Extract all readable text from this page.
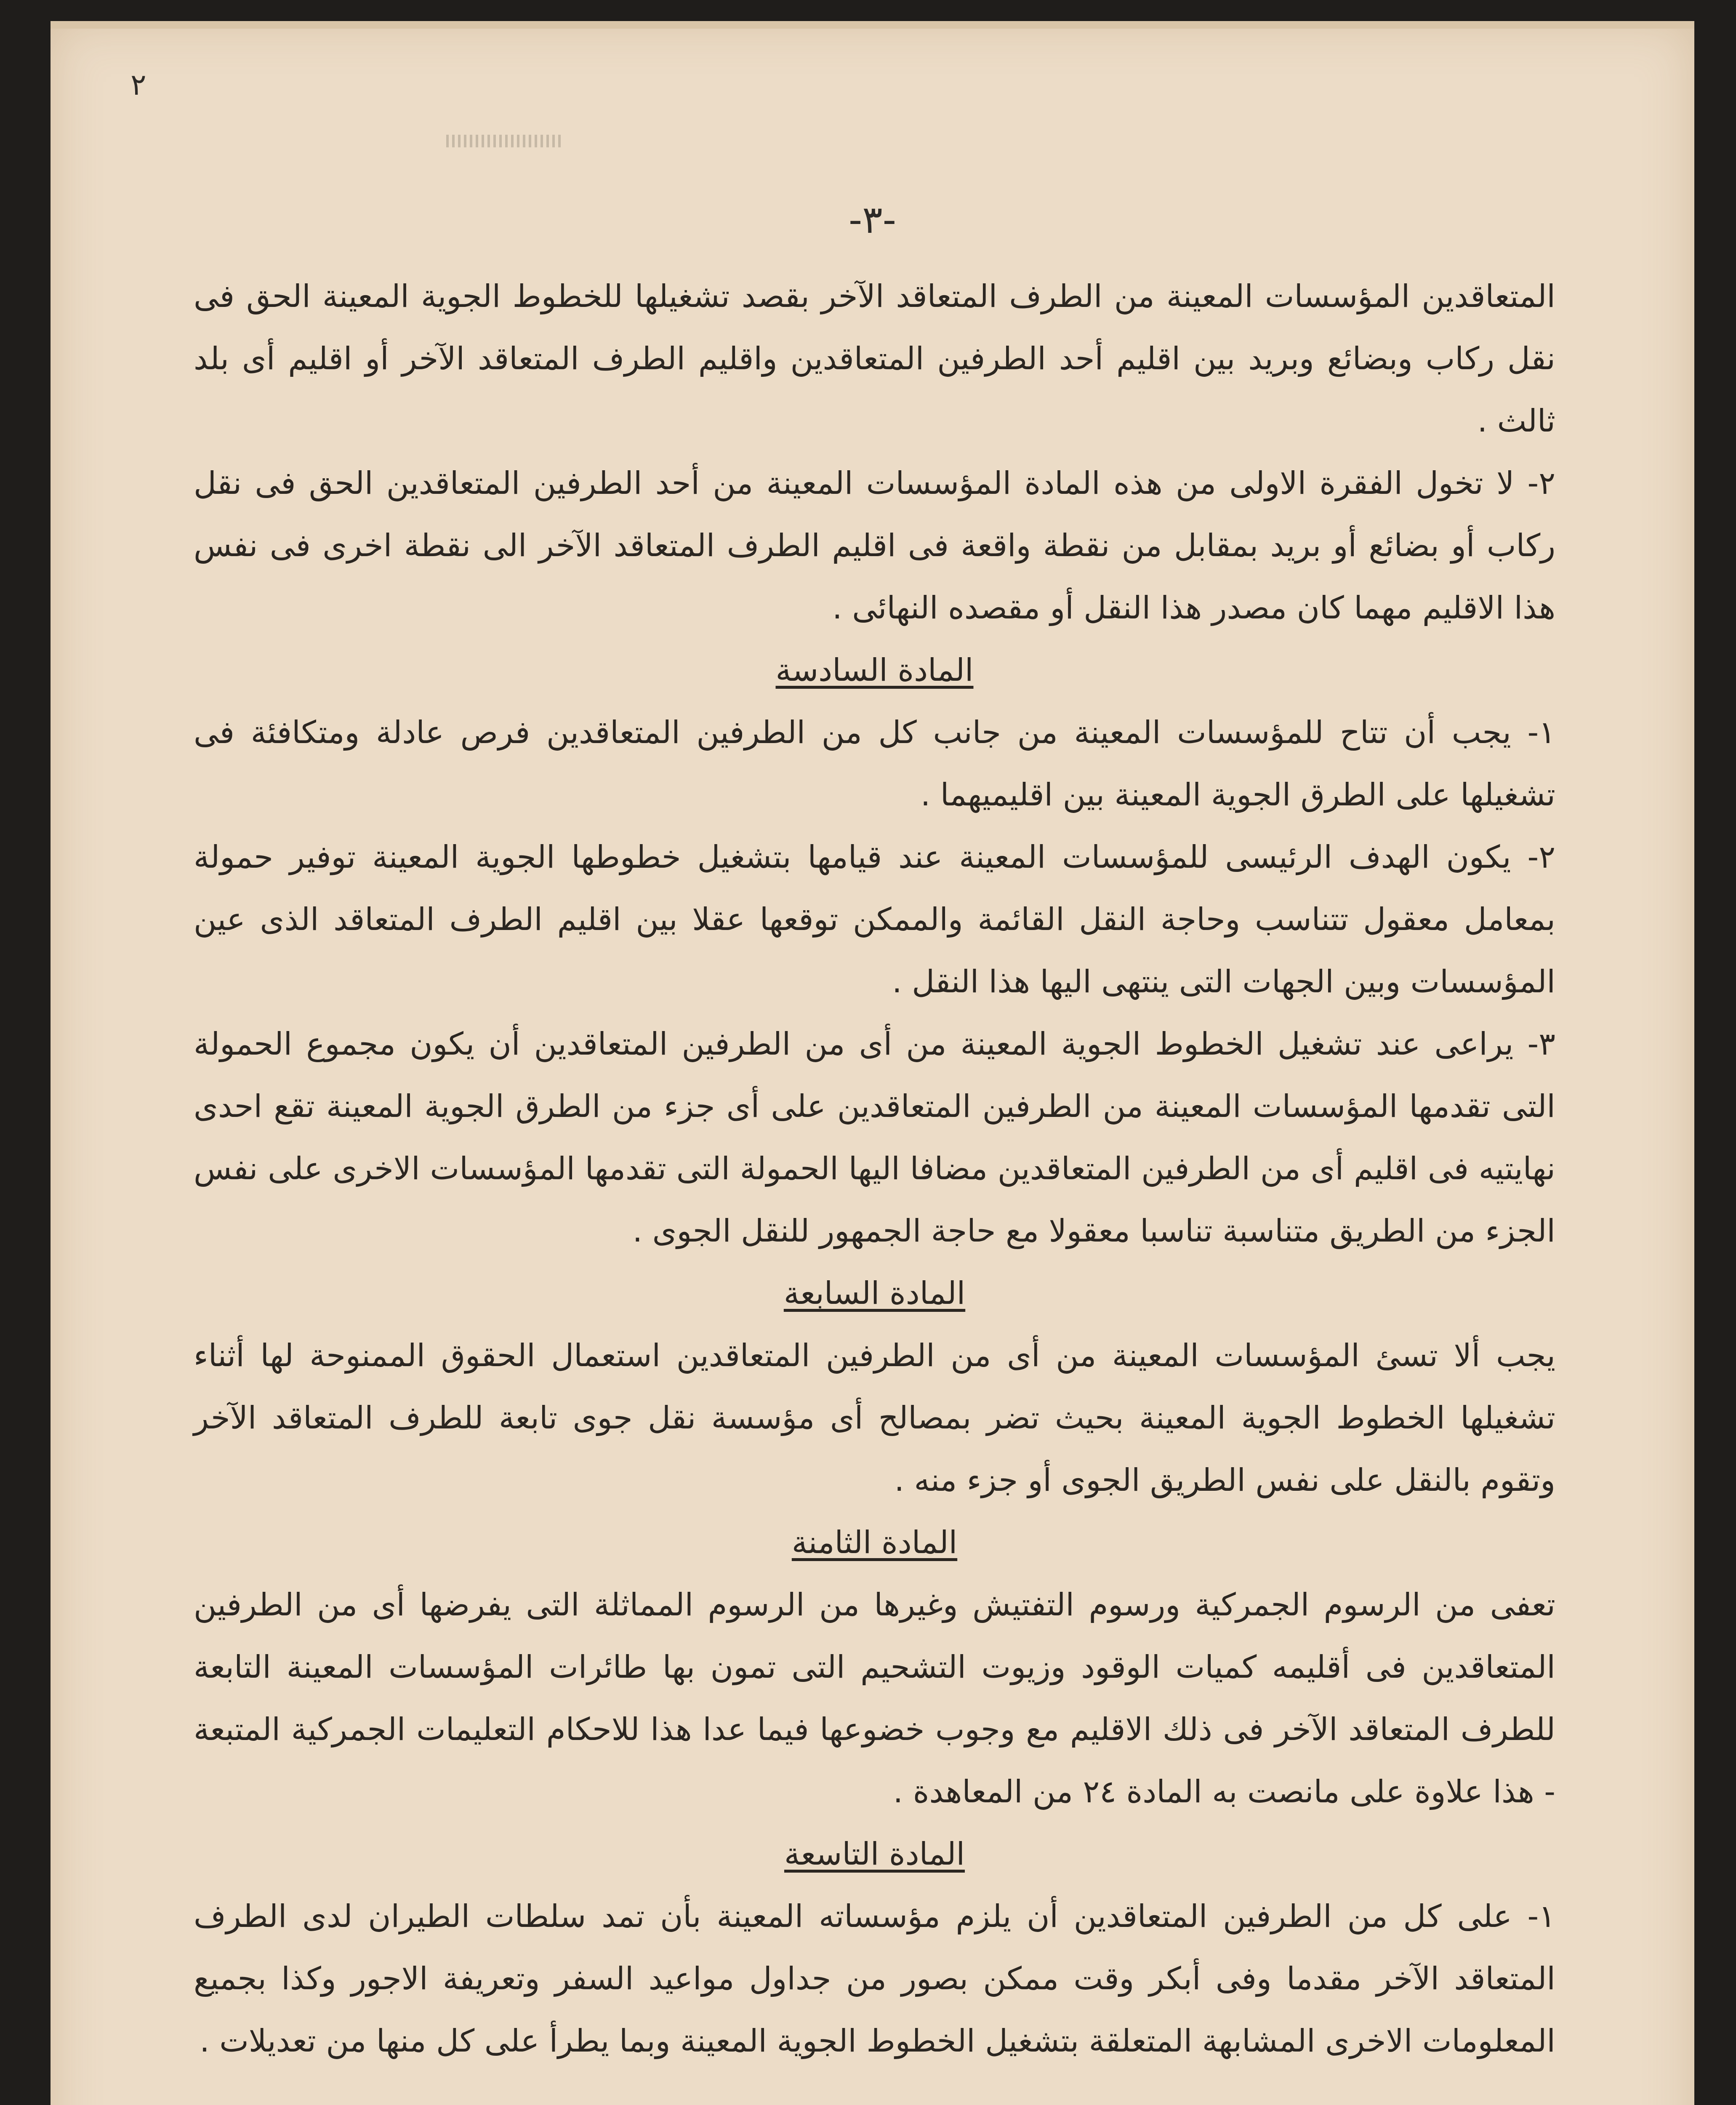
٢
-٣-

المتعاقدين المؤسسات المعينة من الطرف المتعاقد الآخر بقصد تشغيلها للخطوط الجوية المعينة الحق فى نقل ركاب وبضائع وبريد بين اقليم أحد الطرفين المتعاقدين واقليم الطرف المتعاقد الآخر أو اقليم أى بلد ثالث .

٢- لا تخول الفقرة الاولى من هذه المادة المؤسسات المعينة من أحد الطرفين المتعاقدين الحق فى نقل ركاب أو بضائع أو بريد بمقابل من نقطة واقعة فى اقليم الطرف المتعاقد الآخر الى نقطة اخرى فى نفس هذا الاقليم مهما كان مصدر هذا النقل أو مقصده النهائى .

المادة السادسة

١- يجب أن تتاح للمؤسسات المعينة من جانب كل من الطرفين المتعاقدين فرص عادلة ومتكافئة فى تشغيلها على الطرق الجوية المعينة بين اقليميهما .

٢- يكون الهدف الرئيسى للمؤسسات المعينة عند قيامها بتشغيل خطوطها الجوية المعينة توفير حمولة بمعامل معقول تتناسب وحاجة النقل القائمة والممكن توقعها عقلا بين اقليم الطرف المتعاقد الذى عين المؤسسات وبين الجهات التى ينتهى اليها هذا النقل .

٣- يراعى عند تشغيل الخطوط الجوية المعينة من أى من الطرفين المتعاقدين أن يكون مجموع الحمولة التى تقدمها المؤسسات المعينة من الطرفين المتعاقدين على أى جزء من الطرق الجوية المعينة تقع احدى نهايتيه فى اقليم أى من الطرفين المتعاقدين مضافا اليها الحمولة التى تقدمها المؤسسات الاخرى على نفس الجزء من الطريق متناسبة تناسبا معقولا مع حاجة الجمهور للنقل الجوى .

المادة السابعة

يجب ألا تسئ المؤسسات المعينة من أى من الطرفين المتعاقدين استعمال الحقوق الممنوحة لها أثناء تشغيلها الخطوط الجوية المعينة بحيث تضر بمصالح أى مؤسسة نقل جوى تابعة للطرف المتعاقد الآخر وتقوم بالنقل على نفس الطريق الجوى أو جزء منه .

المادة الثامنة

تعفى من الرسوم الجمركية ورسوم التفتيش وغيرها من الرسوم المماثلة التى يفرضها أى من الطرفين المتعاقدين فى أقليمه كميات الوقود وزيوت التشحيم التى تمون بها طائرات المؤسسات المعينة التابعة للطرف المتعاقد الآخر فى ذلك الاقليم مع وجوب خضوعها فيما عدا هذا للاحكام التعليمات الجمركية المتبعة - هذا علاوة على مانصت به المادة ٢٤ من المعاهدة .

المادة التاسعة

١- على كل من الطرفين المتعاقدين أن يلزم مؤسساته المعينة بأن تمد سلطات الطيران لدى الطرف المتعاقد الآخر مقدما وفى أبكر وقت ممكن بصور من جداول مواعيد السفر وتعريفة الاجور وكذا بجميع المعلومات الاخرى المشابهة المتعلقة بتشغيل الخطوط الجوية المعينة وبما يطرأ على كل منها من تعديلات .
